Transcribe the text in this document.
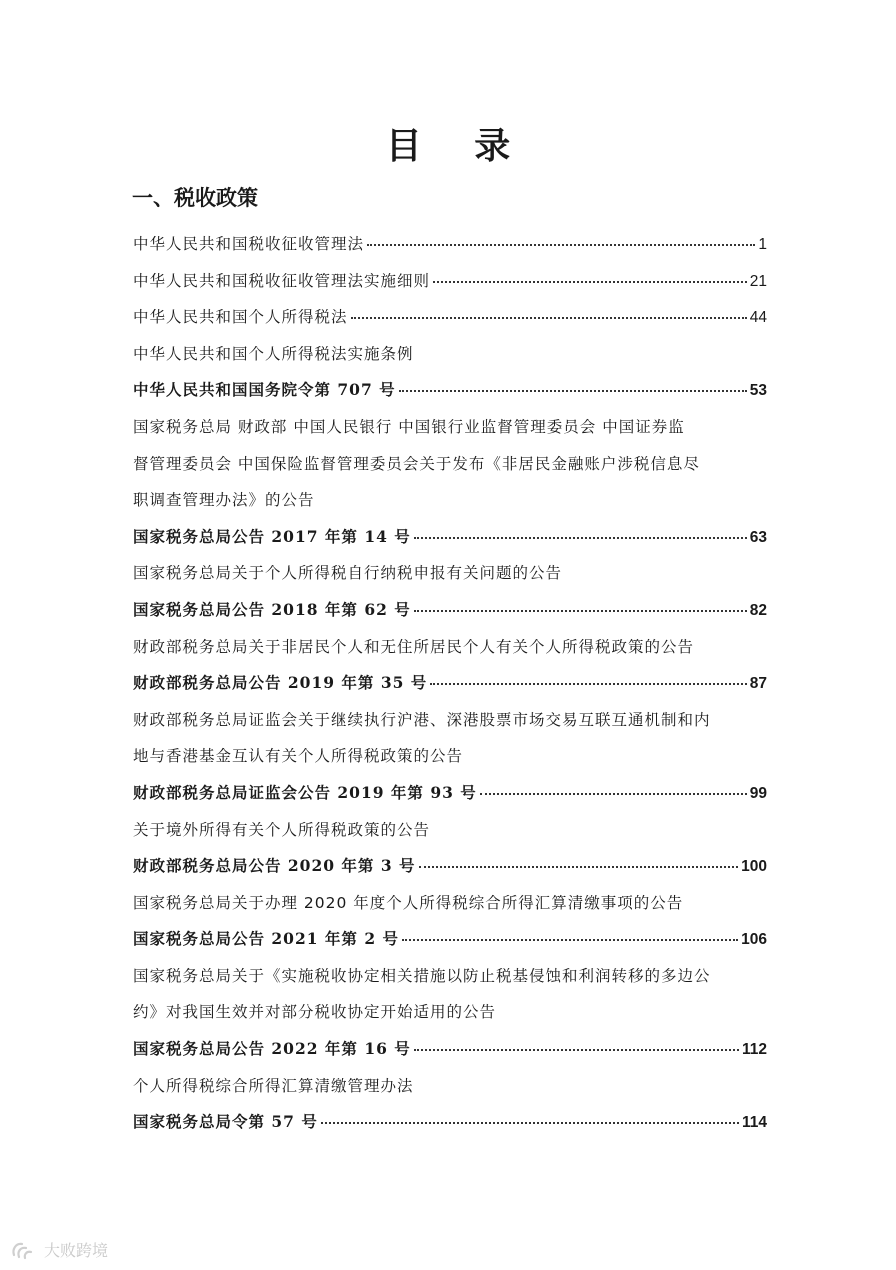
目 录
一、税收政策
中华人民共和国税收征收管理法	1
中华人民共和国税收征收管理法实施细则	21
中华人民共和国个人所得税法	44
中华人民共和国个人所得税法实施条例
中华人民共和国国务院令第 707 号	53
国家税务总局 财政部 中国人民银行 中国银行业监督管理委员会 中国证券监
督管理委员会 中国保险监督管理委员会关于发布《非居民金融账户涉税信息尽
职调查管理办法》的公告
国家税务总局公告 2017 年第 14 号	63
国家税务总局关于个人所得税自行纳税申报有关问题的公告
国家税务总局公告 2018 年第 62 号	82
财政部税务总局关于非居民个人和无住所居民个人有关个人所得税政策的公告
财政部税务总局公告 2019 年第 35 号	87
财政部税务总局证监会关于继续执行沪港、深港股票市场交易互联互通机制和内
地与香港基金互认有关个人所得税政策的公告
财政部税务总局证监会公告 2019 年第 93 号	99
关于境外所得有关个人所得税政策的公告
财政部税务总局公告 2020 年第 3 号	100
国家税务总局关于办理 2020 年度个人所得税综合所得汇算清缴事项的公告
国家税务总局公告 2021 年第 2 号	106
国家税务总局关于《实施税收协定相关措施以防止税基侵蚀和利润转移的多边公
约》对我国生效并对部分税收协定开始适用的公告
国家税务总局公告 2022 年第 16 号	112
个人所得税综合所得汇算清缴管理办法
国家税务总局令第 57 号	114
大败跨境
